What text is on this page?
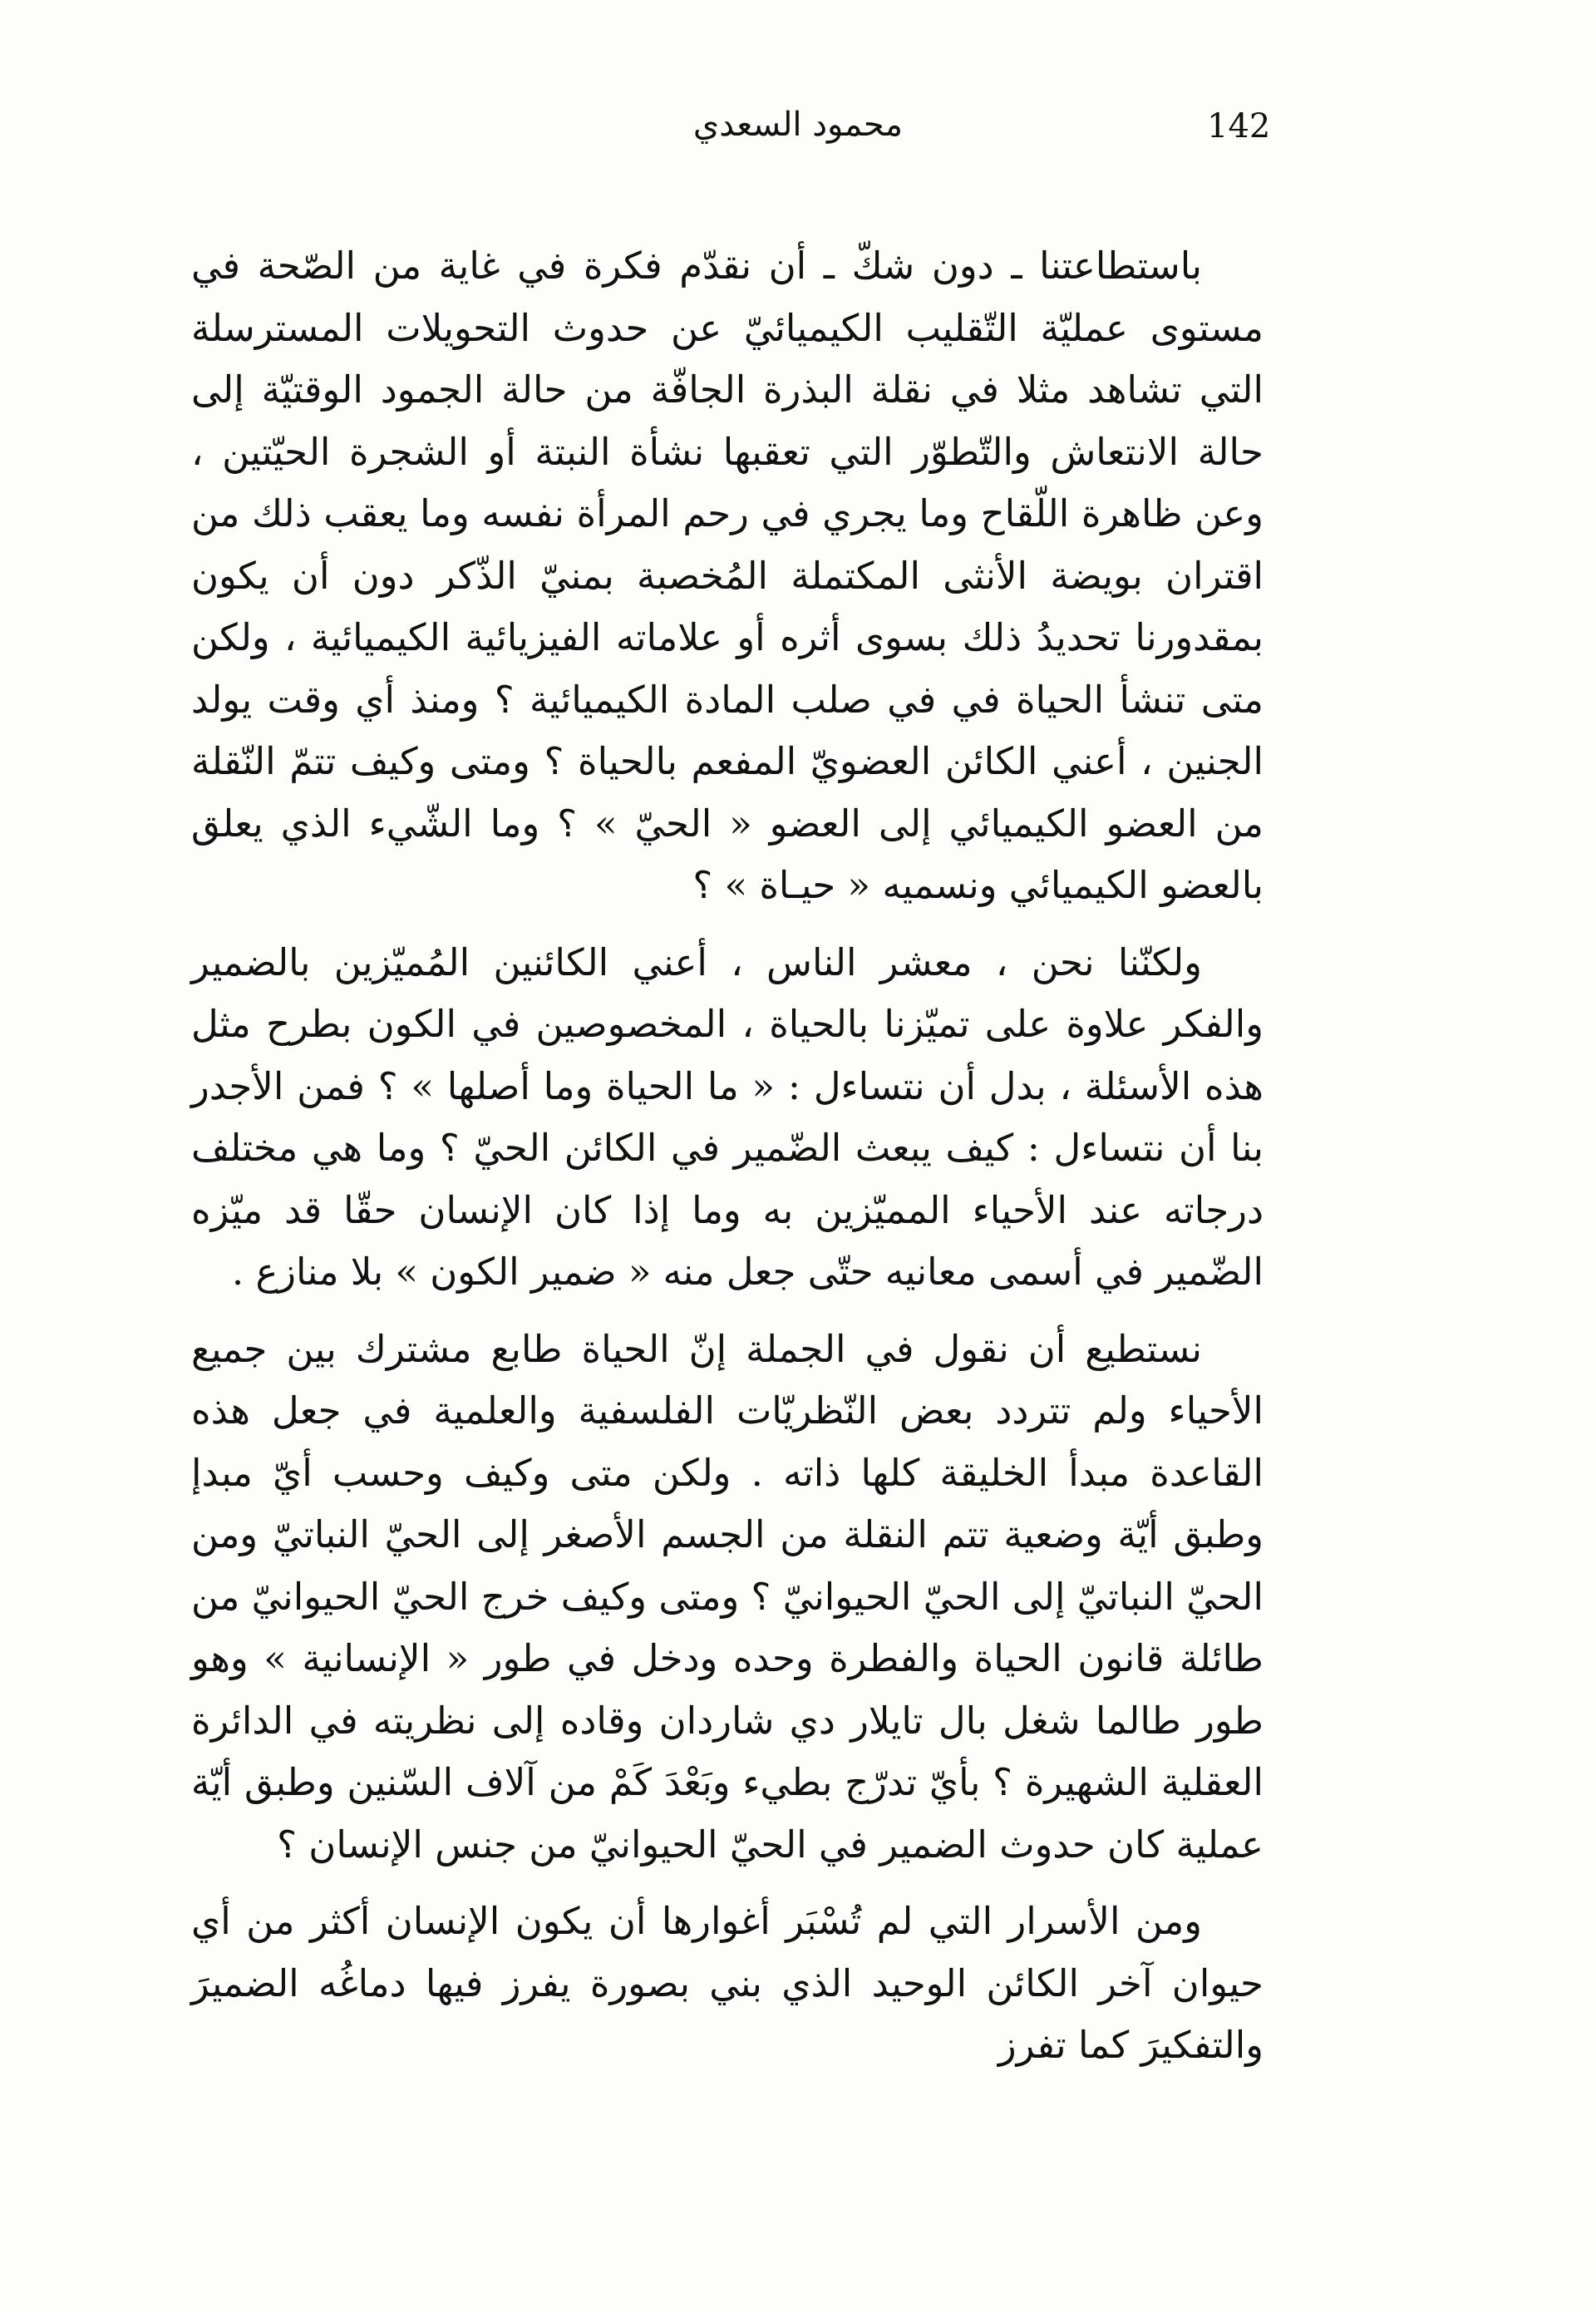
142
محمود السعدي

باستطاعتنا ـ دون شكّ ـ أن نقدّم فكرة في غاية من الصّحة في مستوى عمليّة التّقليب الكيميائيّ عن حدوث التحويلات المسترسلة التي تشاهد مثلا في نقلة البذرة الجافّة من حالة الجمود الوقتيّة إلى حالة الانتعاش والتّطوّر التي تعقبها نشأة النبتة أو الشجرة الحيّتين ، وعن ظاهرة اللّقاح وما يجري في رحم المرأة نفسه وما يعقب ذلك من اقتران بويضة الأنثى المكتملة المُخصبة بمنيّ الذّكر دون أن يكون بمقدورنا تحديدُ ذلك بسوى أثره أو علاماته الفيزيائية الكيميائية ، ولكن متى تنشأ الحياة في في صلب المادة الكيميائية ؟ ومنذ أي وقت يولد الجنين ، أعني الكائن العضويّ المفعم بالحياة ؟ ومتى وكيف تتمّ النّقلة من العضو الكيميائي إلى العضو « الحيّ » ؟ وما الشّيء الذي يعلق بالعضو الكيميائي ونسميه « حيـاة » ؟

ولكنّنا نحن ، معشر الناس ، أعني الكائنين المُميّزين بالضمير والفكر علاوة على تميّزنا بالحياة ، المخصوصين في الكون بطرح مثل هذه الأسئلة ، بدل أن نتساءل : « ما الحياة وما أصلها » ؟ فمن الأجدر بنا أن نتساءل : كيف يبعث الضّمير في الكائن الحيّ ؟ وما هي مختلف درجاته عند الأحياء المميّزين به وما إذا كان الإنسان حقّا قد ميّزه الضّمير في أسمى معانيه حتّى جعل منه « ضمير الكون » بلا منازع .

نستطيع أن نقول في الجملة إنّ الحياة طابع مشترك بين جميع الأحياء ولم تتردد بعض النّظريّات الفلسفية والعلمية في جعل هذه القاعدة مبدأ الخليقة كلها ذاته . ولكن متى وكيف وحسب أيّ مبدإ وطبق أيّة وضعية تتم النقلة من الجسم الأصغر إلى الحيّ النباتيّ ومن الحيّ النباتيّ إلى الحيّ الحيوانيّ ؟ ومتى وكيف خرج الحيّ الحيوانيّ من طائلة قانون الحياة والفطرة وحده ودخل في طور « الإنسانية » وهو طور طالما شغل بال تايلار دي شاردان وقاده إلى نظريته في الدائرة العقلية الشهيرة ؟ بأيّ تدرّج بطيء وبَعْدَ كَمْ من آلاف السّنين وطبق أيّة عملية كان حدوث الضمير في الحيّ الحيوانيّ من جنس الإنسان ؟

ومن الأسرار التي لم تُسْبَر أغوارها أن يكون الإنسان أكثر من أي حيوان آخر الكائن الوحيد الذي بني بصورة يفرز فيها دماغُه الضميرَ والتفكيرَ كما تفرز
